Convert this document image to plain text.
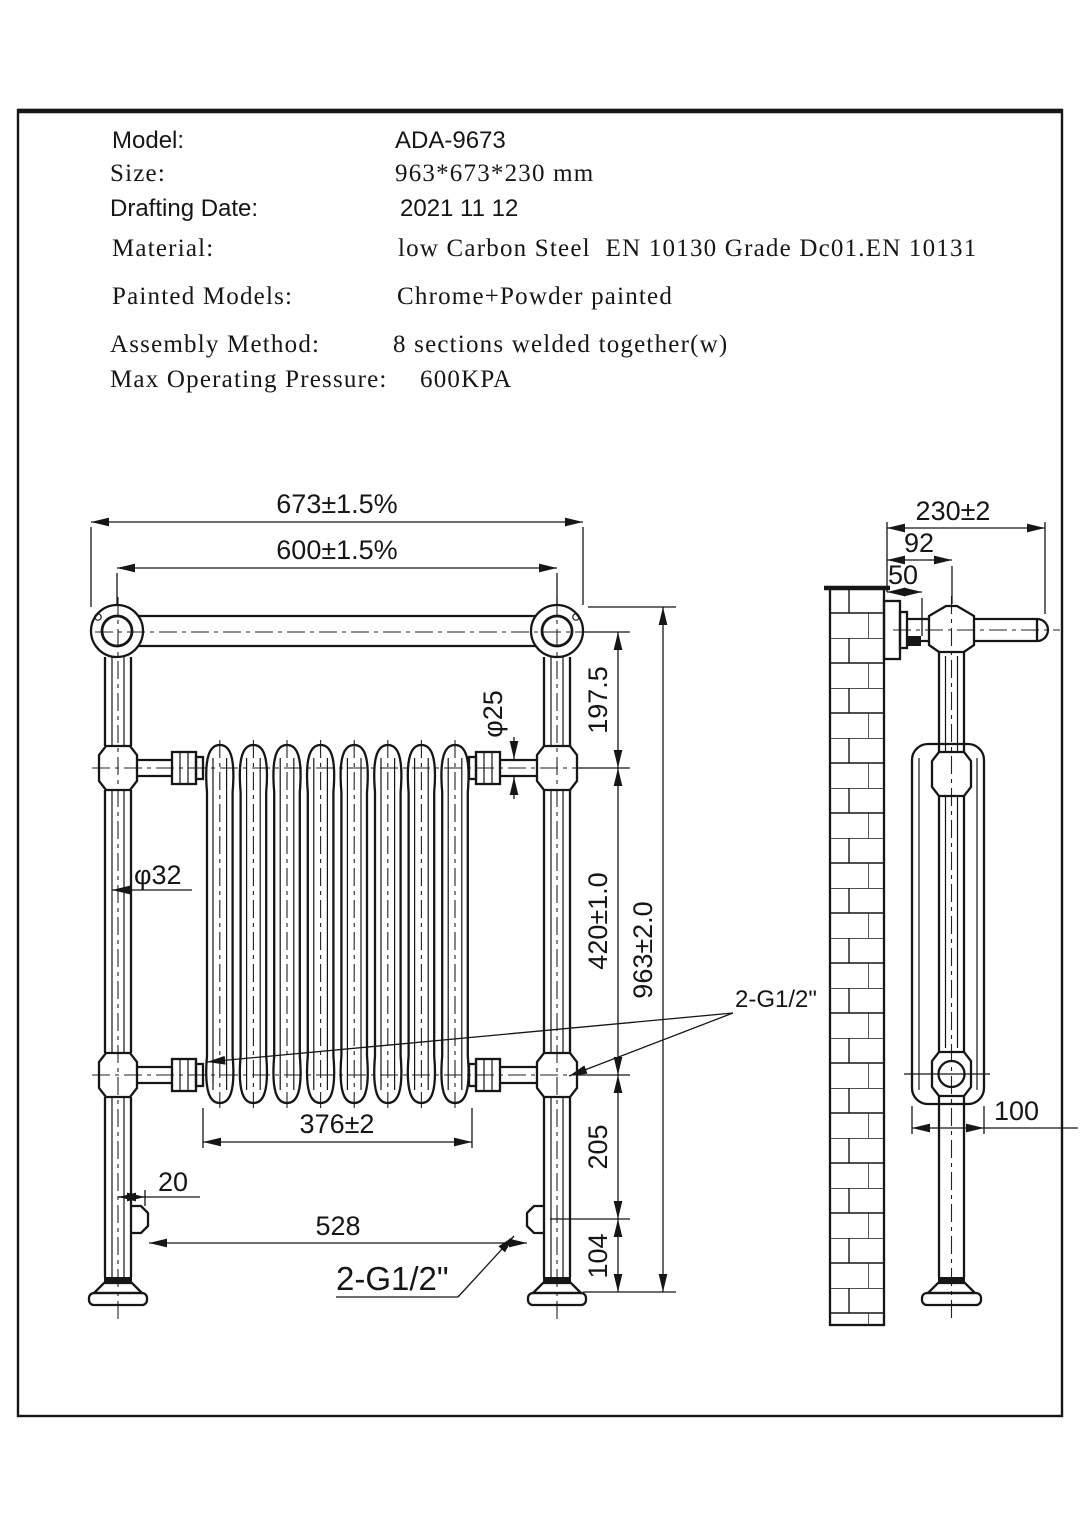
Model:	ADA-9673
Size:	963*673*230 mm
Drafting Date:	2021 11 12
Material:	low Carbon Steel  EN 10130 Grade Dc01.EN 10131
Painted Models:	Chrome+Powder painted
Assembly Method:	8 sections welded together(w)
Max Operating Pressure: 600KPA
673±1.5%
600±1.5%
197.5
φ25
φ32	420±1.0 963±2.0
376±2
205
104
20
528
2-G1/2"
2-G1/2"
230±2
92
50
100
